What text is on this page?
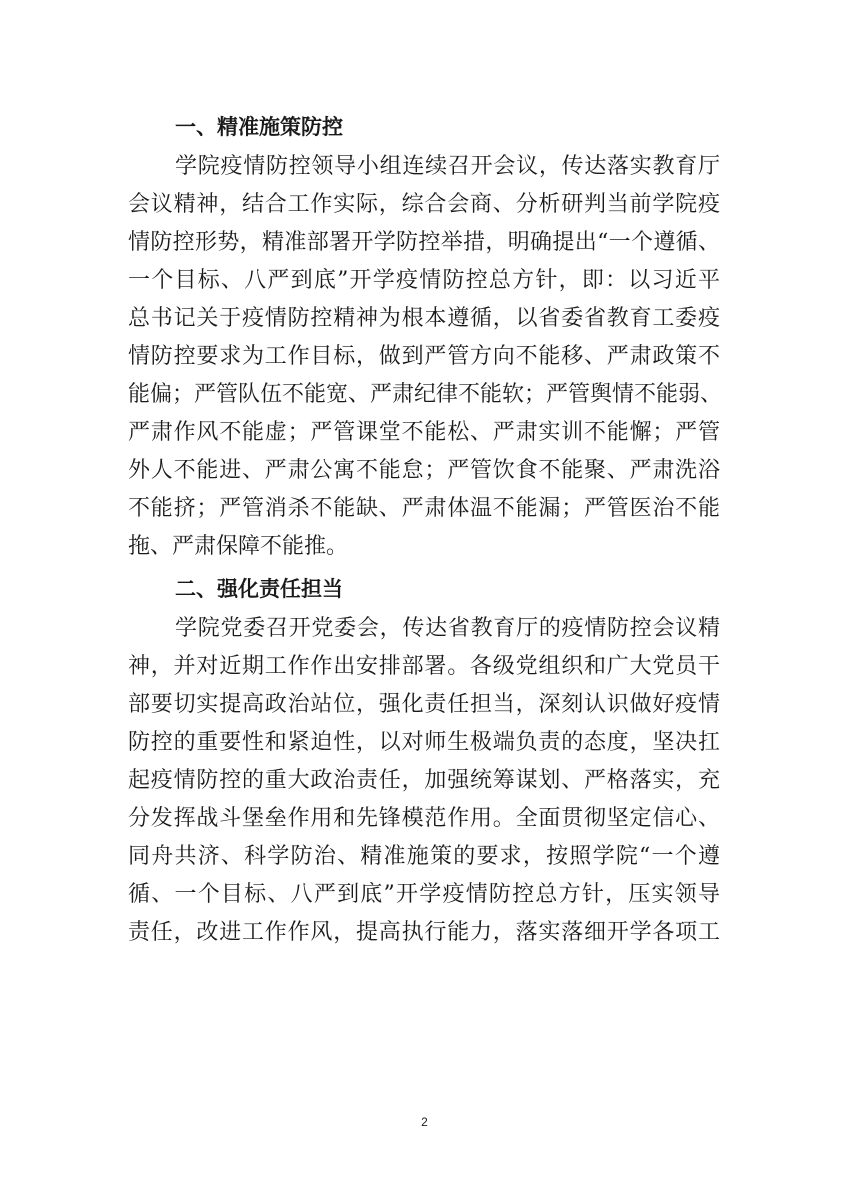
一、精准施策防控

学院疫情防控领导小组连续召开会议，传达落实教育厅
会议精神，结合工作实际，综合会商、分析研判当前学院疫
情防控形势，精准部署开学防控举措，明确提出“一个遵循、
一个目标、八严到底”开学疫情防控总方针，即：以习近平
总书记关于疫情防控精神为根本遵循，以省委省教育工委疫
情防控要求为工作目标，做到严管方向不能移、严肃政策不
能偏；严管队伍不能宽、严肃纪律不能软；严管舆情不能弱、
严肃作风不能虚；严管课堂不能松、严肃实训不能懈；严管
外人不能进、严肃公寓不能怠；严管饮食不能聚、严肃洗浴
不能挤；严管消杀不能缺、严肃体温不能漏；严管医治不能
拖、严肃保障不能推。

二、强化责任担当

学院党委召开党委会，传达省教育厅的疫情防控会议精
神，并对近期工作作出安排部署。各级党组织和广大党员干
部要切实提高政治站位，强化责任担当，深刻认识做好疫情
防控的重要性和紧迫性，以对师生极端负责的态度，坚决扛
起疫情防控的重大政治责任，加强统筹谋划、严格落实，充
分发挥战斗堡垒作用和先锋模范作用。全面贯彻坚定信心、
同舟共济、科学防治、精准施策的要求，按照学院“一个遵
循、一个目标、八严到底”开学疫情防控总方针，压实领导
责任，改进工作作风，提高执行能力，落实落细开学各项工

2
